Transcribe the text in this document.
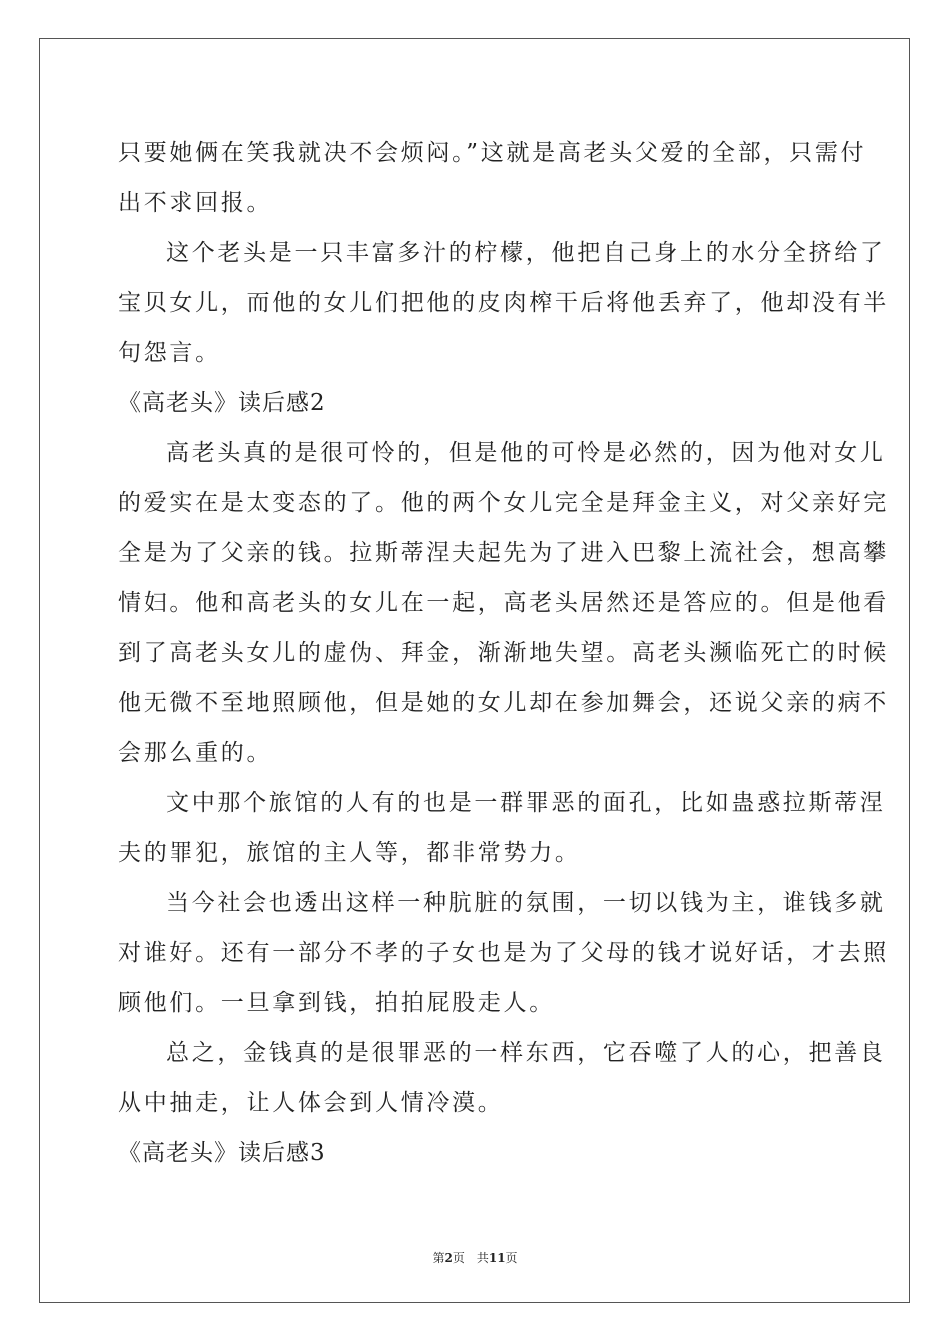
只要她俩在笑我就决不会烦闷。”这就是高老头父爱的全部，只需付
出不求回报。
这个老头是一只丰富多汁的柠檬，他把自己身上的水分全挤给了
宝贝女儿，而他的女儿们把他的皮肉榨干后将他丢弃了，他却没有半
句怨言。
《高老头》读后感2
高老头真的是很可怜的，但是他的可怜是必然的，因为他对女儿
的爱实在是太变态的了。他的两个女儿完全是拜金主义，对父亲好完
全是为了父亲的钱。拉斯蒂涅夫起先为了进入巴黎上流社会，想高攀
情妇。他和高老头的女儿在一起，高老头居然还是答应的。但是他看
到了高老头女儿的虚伪、拜金，渐渐地失望。高老头濒临死亡的时候
他无微不至地照顾他，但是她的女儿却在参加舞会，还说父亲的病不
会那么重的。
文中那个旅馆的人有的也是一群罪恶的面孔，比如蛊惑拉斯蒂涅
夫的罪犯，旅馆的主人等，都非常势力。
当今社会也透出这样一种肮脏的氛围，一切以钱为主，谁钱多就
对谁好。还有一部分不孝的子女也是为了父母的钱才说好话，才去照
顾他们。一旦拿到钱，拍拍屁股走人。
总之，金钱真的是很罪恶的一样东西，它吞噬了人的心，把善良
从中抽走，让人体会到人情冷漠。
《高老头》读后感3
第2页 共11页
